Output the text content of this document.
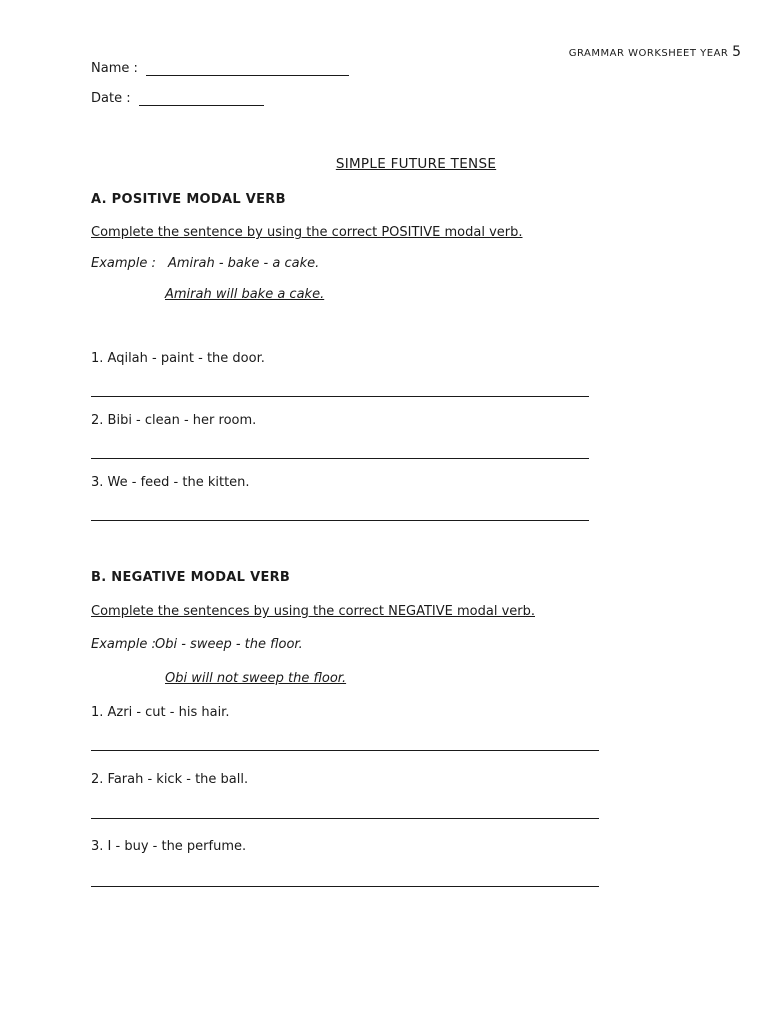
GRAMMAR WORKSHEET YEAR 5
Name :
Date :
SIMPLE FUTURE TENSE
A. POSITIVE MODAL VERB
Complete the sentence by using the correct POSITIVE modal verb.
Example : Amirah - bake - a cake.
Amirah will bake a cake.
1. Aqilah - paint - the door.
2. Bibi - clean - her room.
3. We - feed - the kitten.
B. NEGATIVE MODAL VERB
Complete the sentences by using the correct NEGATIVE modal verb.
Example : Obi - sweep - the floor.
Obi will not sweep the floor.
1. Azri - cut - his hair.
2. Farah - kick - the ball.
3. I - buy - the perfume.
